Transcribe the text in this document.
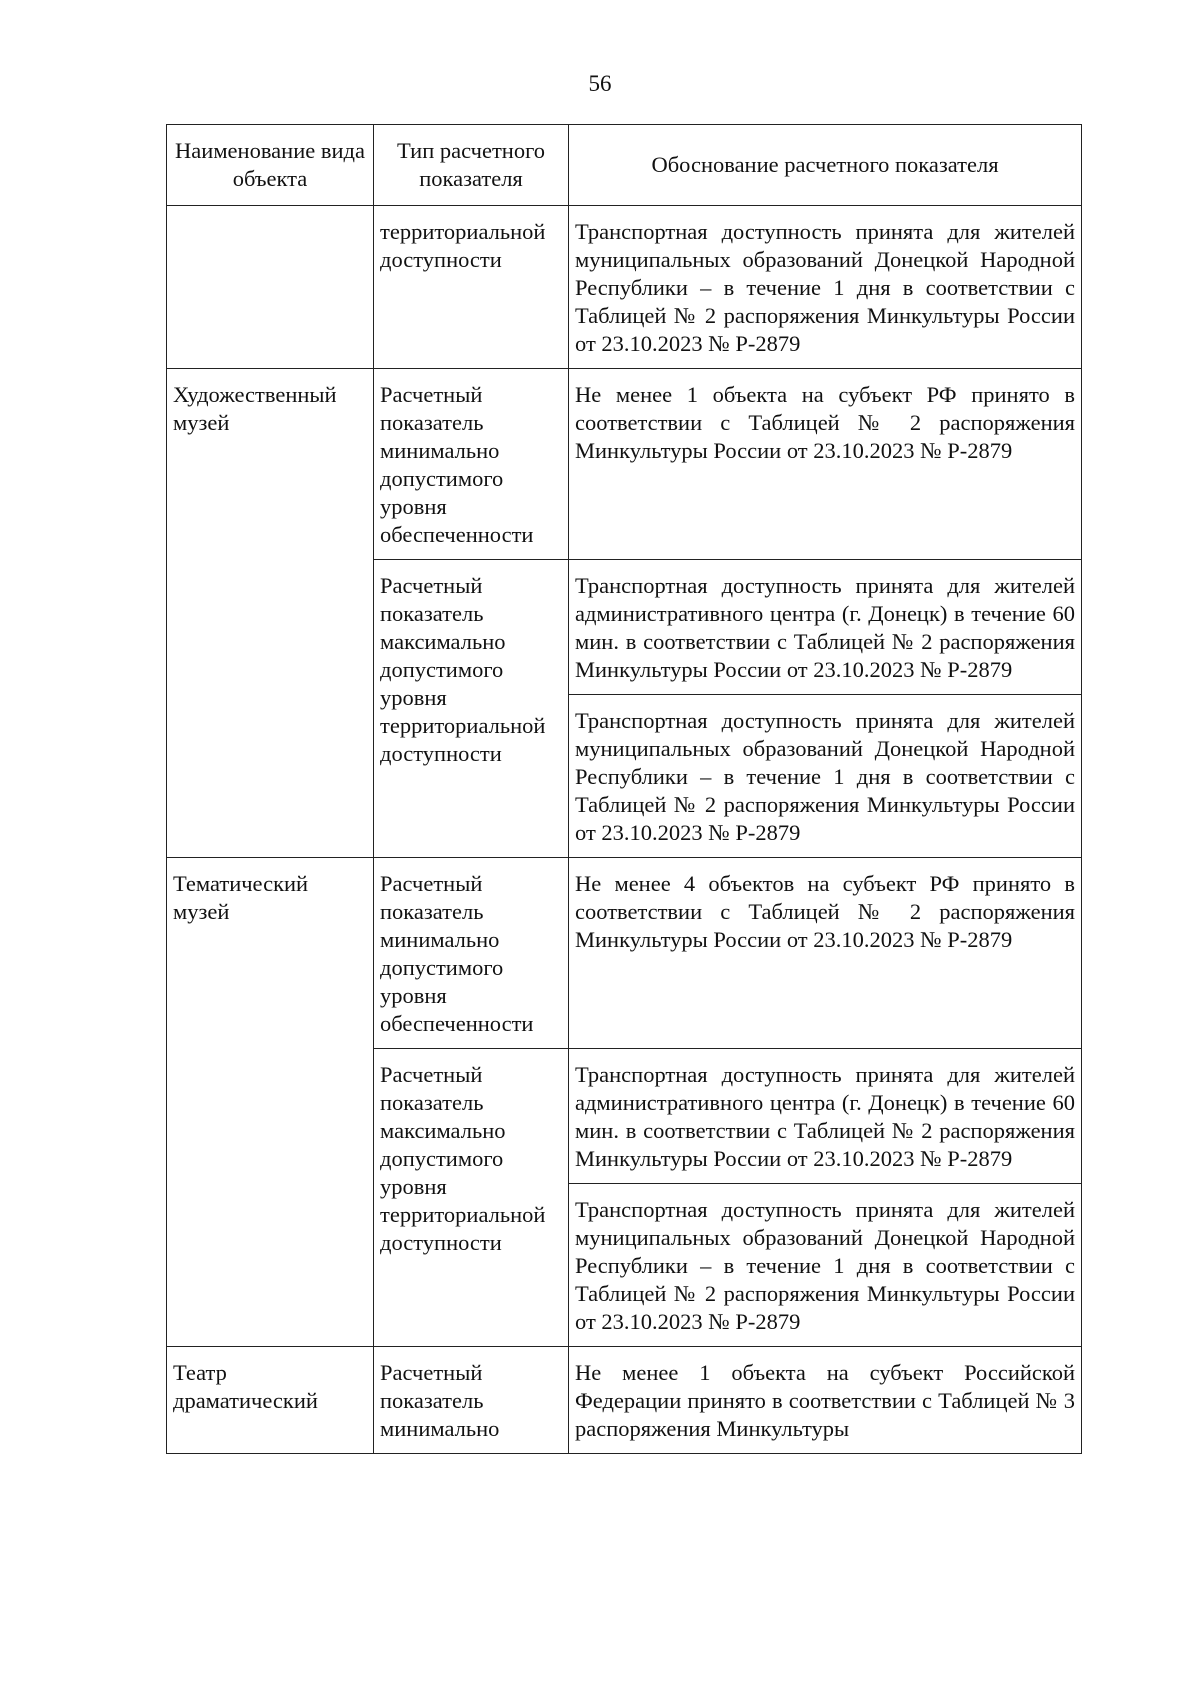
56
Наименование вида объекта	Тип расчетного показателя	Обоснование расчетного показателя
	территориальной доступности	Транспортная доступность принята для жителей муниципальных образований Донецкой Народной Республики – в течение 1 дня в соответствии с Таблицей № 2 распоряжения Минкультуры России от 23.10.2023 № Р-2879
Художественный музей	Расчетный показатель минимально допустимого уровня обеспеченности	Не менее 1 объекта на субъект РФ принято в соответствии с Таблицей № 2 распоряжения Минкультуры России от 23.10.2023 № Р-2879
	Расчетный показатель максимально допустимого уровня территориальной доступности	Транспортная доступность принята для жителей административного центра (г. Донецк) в течение 60 мин. в соответствии с Таблицей № 2 распоряжения Минкультуры России от 23.10.2023 № Р-2879
		Транспортная доступность принята для жителей муниципальных образований Донецкой Народной Республики – в течение 1 дня в соответствии с Таблицей № 2 распоряжения Минкультуры России от 23.10.2023 № Р-2879
Тематический музей	Расчетный показатель минимально допустимого уровня обеспеченности	Не менее 4 объектов на субъект РФ принято в соответствии с Таблицей № 2 распоряжения Минкультуры России от 23.10.2023 № Р-2879
	Расчетный показатель максимально допустимого уровня территориальной доступности	Транспортная доступность принята для жителей административного центра (г. Донецк) в течение 60 мин. в соответствии с Таблицей № 2 распоряжения Минкультуры России от 23.10.2023 № Р-2879
		Транспортная доступность принята для жителей муниципальных образований Донецкой Народной Республики – в течение 1 дня в соответствии с Таблицей № 2 распоряжения Минкультуры России от 23.10.2023 № Р-2879
Театр драматический	Расчетный показатель минимально	Не менее 1 объекта на субъект Российской Федерации принято в соответствии с Таблицей № 3 распоряжения Минкультуры
